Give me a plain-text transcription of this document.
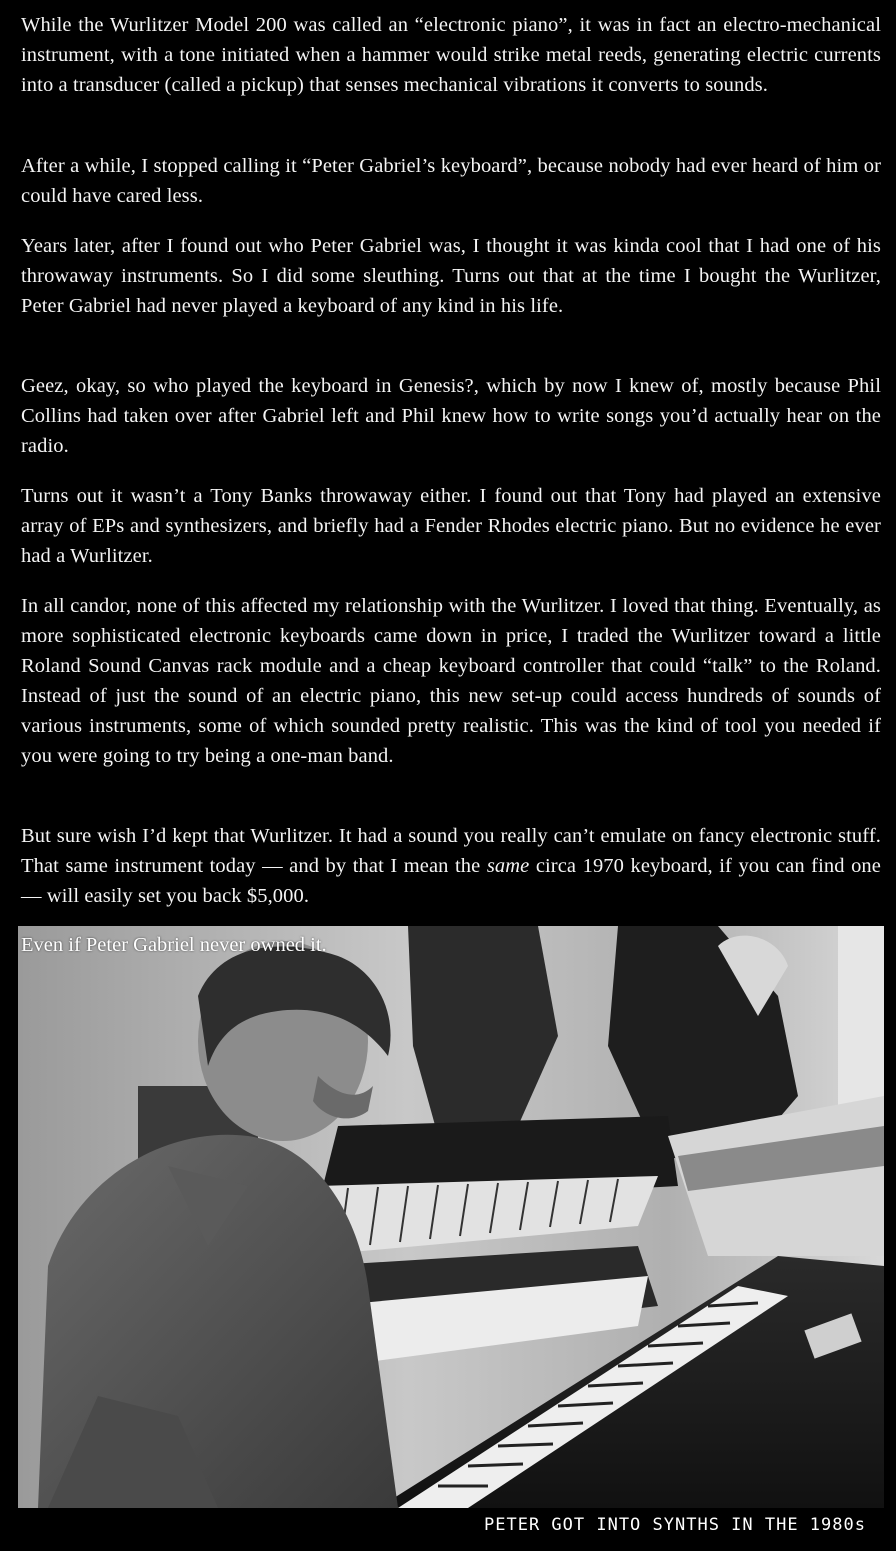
While the Wurlitzer Model 200 was called an “electronic piano”, it was in fact an electro-mechanical instrument, with a tone initiated when a hammer would strike metal reeds, generating electric currents into a transducer (called a pickup) that senses mechanical vibrations it converts to sounds.

After a while, I stopped calling it “Peter Gabriel’s keyboard”, because nobody had ever heard of him or could have cared less.

Years later, after I found out who Peter Gabriel was, I thought it was kinda cool that I had one of his throwaway instruments. So I did some sleuthing. Turns out that at the time I bought the Wurlitzer, Peter Gabriel had never played a keyboard of any kind in his life.

Geez, okay, so who played the keyboard in Genesis?, which by now I knew of, mostly because Phil Collins had taken over after Gabriel left and Phil knew how to write songs you’d actually hear on the radio.

Turns out it wasn’t a Tony Banks throwaway either. I found out that Tony had played an extensive array of EPs and synthesizers, and briefly had a Fender Rhodes electric piano. But no evidence he ever had a Wurlitzer.

In all candor, none of this affected my relationship with the Wurlitzer. I loved that thing. Eventually, as more sophisticated electronic keyboards came down in price, I traded the Wurlitzer toward a little Roland Sound Canvas rack module and a cheap keyboard controller that could “talk” to the Roland. Instead of just the sound of an electric piano, this new set-up could access hundreds of sounds of various instruments, some of which sounded pretty realistic. This was the kind of tool you needed if you were going to try being a one-man band.

But sure wish I’d kept that Wurlitzer. It had a sound you really can’t emulate on fancy electronic stuff. That same instrument today — and by that I mean the same circa 1970 keyboard, if you can find one — will easily set you back $5,000.

Even if Peter Gabriel never owned it.
PETER GOT INTO SYNTHS IN THE 1980s
